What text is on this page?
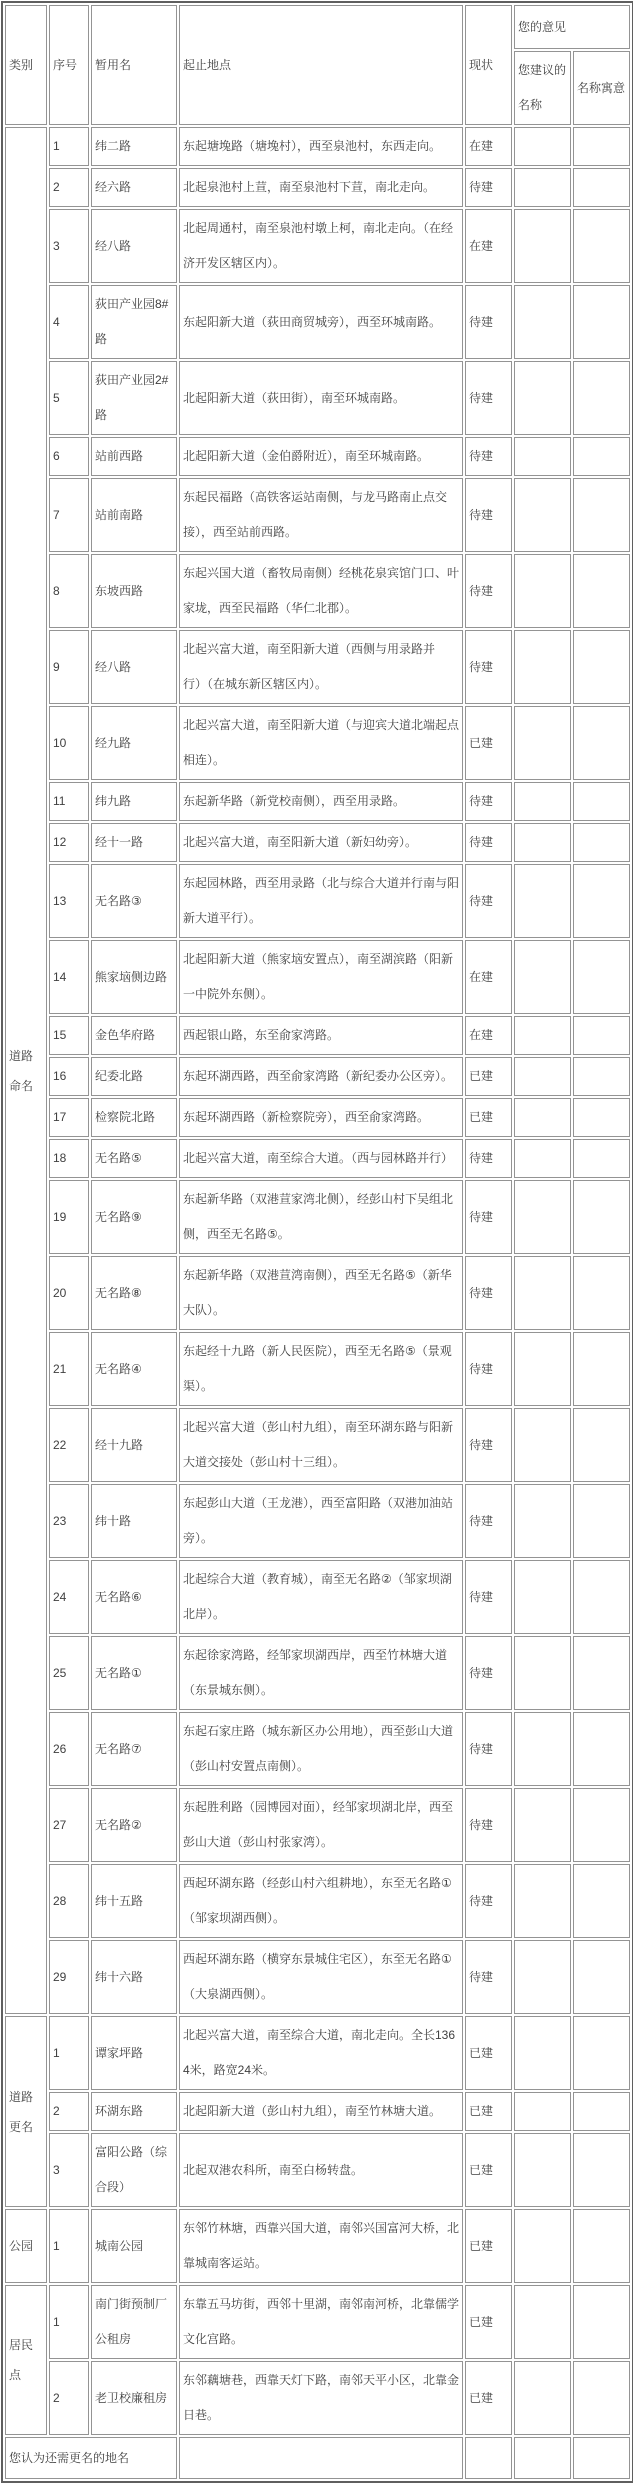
类别	序号	暂用名	起止地点	现状	您的意见	
					您建议的名称	名称寓意
道路命名	1	纬二路	东起塘堍路（塘堍村），西至泉池村，东西走向。	在建		
	2	经六路	北起泉池村上荁，南至泉池村下荁，南北走向。	待建		
	3	经八路	北起周通村，南至泉池村墩上柯，南北走向。（在经济开发区辖区内）。	在建		
	4	荻田产业园8#路	东起阳新大道（荻田商贸城旁），西至环城南路。	待建		
	5	荻田产业园2#路	北起阳新大道（荻田街），南至环城南路。	待建		
	6	站前西路	北起阳新大道（金伯爵附近），南至环城南路。	待建		
	7	站前南路	东起民福路（高铁客运站南侧，与龙马路南止点交接），西至站前西路。	待建		
	8	东坡西路	东起兴国大道（畜牧局南侧）经桃花泉宾馆门口、叶家垅，西至民福路（华仁北郡）。	待建		
	9	经八路	北起兴富大道，南至阳新大道（西侧与用录路并行）（在城东新区辖区内）。	待建		
	10	经九路	北起兴富大道，南至阳新大道（与迎宾大道北端起点相连）。	已建		
	11	纬九路	东起新华路（新党校南侧），西至用录路。	待建		
	12	经十一路	北起兴富大道，南至阳新大道（新妇幼旁）。	待建		
	13	无名路③	东起园林路，西至用录路（北与综合大道并行南与阳新大道平行）。	待建		
	14	熊家垴侧边路	北起阳新大道（熊家垴安置点），南至湖滨路（阳新一中院外东侧）。	在建		
	15	金色华府路	西起银山路，东至俞家湾路。	在建		
	16	纪委北路	东起环湖西路，西至俞家湾路（新纪委办公区旁）。	已建		
	17	检察院北路	东起环湖西路（新检察院旁），西至俞家湾路。	已建		
	18	无名路⑤	北起兴富大道，南至综合大道。（西与园林路并行）	待建		
	19	无名路⑨	东起新华路（双港荁家湾北侧），经彭山村下吴组北侧，西至无名路⑤。	待建		
	20	无名路⑧	东起新华路（双港荁湾南侧），西至无名路⑤（新华大队）。	待建		
	21	无名路④	东起经十九路（新人民医院），西至无名路⑤（景观渠）。	待建		
	22	经十九路	北起兴富大道（彭山村九组），南至环湖东路与阳新大道交接处（彭山村十三组）。	待建		
	23	纬十路	东起彭山大道（王龙港），西至富阳路（双港加油站旁）。	待建		
	24	无名路⑥	北起综合大道（教育城），南至无名路②（邹家坝湖北岸）。	待建		
	25	无名路①	东起徐家湾路，经邹家坝湖西岸，西至竹林塘大道（东景城东侧）。	待建		
	26	无名路⑦	东起石家庄路（城东新区办公用地），西至彭山大道（彭山村安置点南侧）。	待建		
	27	无名路②	东起胜利路（园博园对面），经邹家坝湖北岸，西至彭山大道（彭山村张家湾）。	待建		
	28	纬十五路	西起环湖东路（经彭山村六组耕地），东至无名路①（邹家坝湖西侧）。	待建		
	29	纬十六路	西起环湖东路（横穿东景城住宅区），东至无名路①（大泉湖西侧）。	待建		
道路更名	1	谭家坪路	北起兴富大道，南至综合大道，南北走向。全长1364米，路宽24米。	已建		
	2	环湖东路	北起阳新大道（彭山村九组），南至竹林塘大道。	已建		
	3	富阳公路（综合段）	北起双港农科所，南至白杨转盘。	已建		
公园	1	城南公园	东邻竹林塘，西靠兴国大道，南邻兴国富河大桥，北靠城南客运站。	已建		
居民点	1	南门街预制厂公租房	东靠五马坊街，西邻十里湖，南邻南河桥，北靠儒学文化宫路。	已建		
	2	老卫校廉租房	东邻藕塘巷，西靠天灯下路，南邻天平小区，北靠金日巷。	已建		
您认为还需更名的地名						
